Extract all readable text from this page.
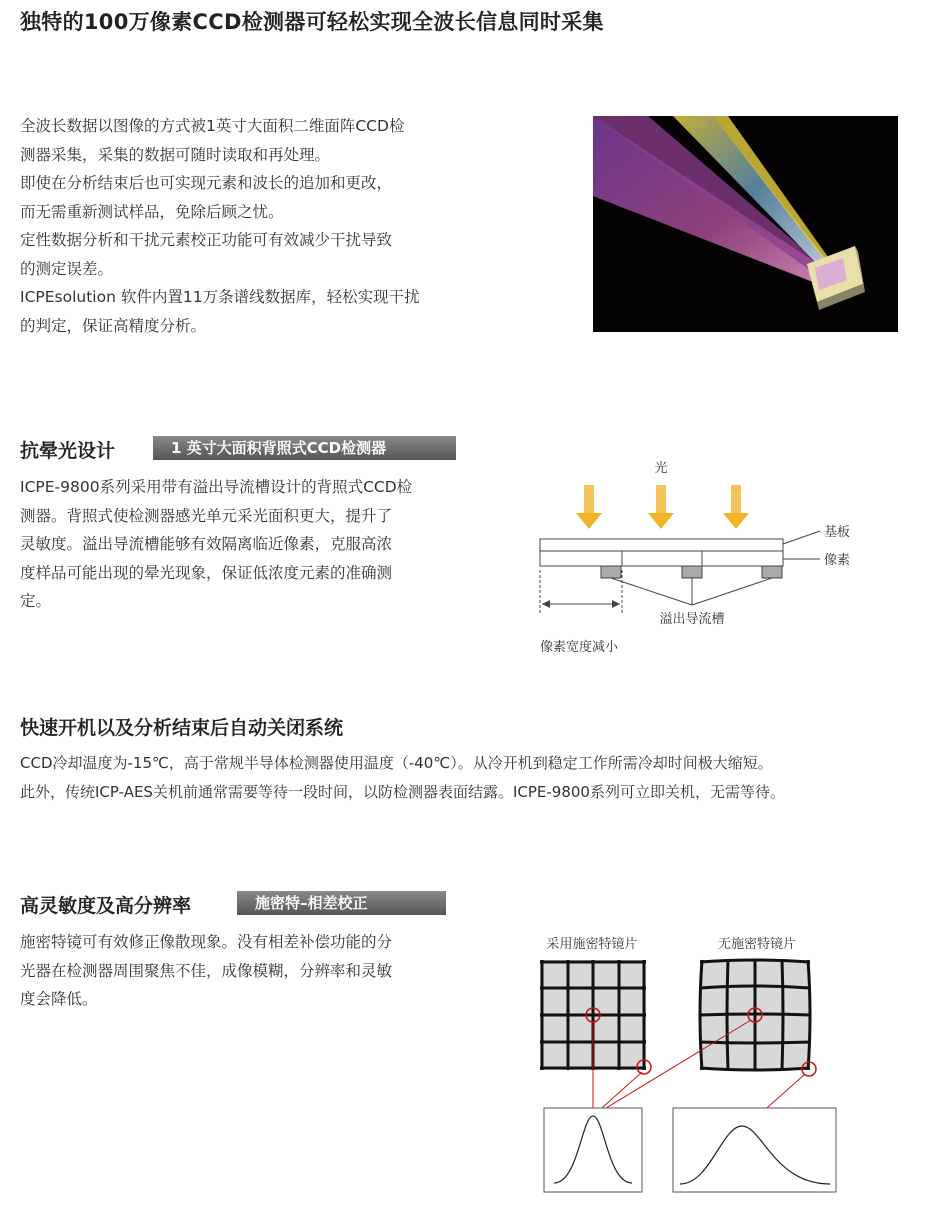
独特的100万像素CCD检测器可轻松实现全波长信息同时采集

全波长数据以图像的方式被1英寸大面积二维面阵CCD检

测器采集，采集的数据可随时读取和再处理。

即使在分析结束后也可实现元素和波长的追加和更改，

而无需重新测试样品，免除后顾之忧。

定性数据分析和干扰元素校正功能可有效减少干扰导致

的测定误差。

ICPEsolution 软件内置11万条谱线数据库，轻松实现干扰

的判定，保证高精度分析。

抗晕光设计	1 英寸大面积背照式CCD检测器

ICPE-9800系列采用带有溢出导流槽设计的背照式CCD检

测器。背照式使检测器感光单元采光面积更大，提升了

灵敏度。溢出导流槽能够有效隔离临近像素，克服高浓

度样品可能出现的晕光现象，保证低浓度元素的准确测

定。

光
基板
像素
溢出导流槽
像素宽度减小
快速开机以及分析结束后自动关闭系统

CCD冷却温度为-15℃，高于常规半导体检测器使用温度（-40℃）。从冷开机到稳定工作所需冷却时间极大缩短。

此外，传统ICP-AES关机前通常需要等待一段时间，以防检测器表面结露。ICPE-9800系列可立即关机，无需等待。

高灵敏度及高分辨率	施密特–相差校正

施密特镜可有效修正像散现象。没有相差补偿功能的分

光器在检测器周围聚焦不佳，成像模糊，分辨率和灵敏

度会降低。

采用施密特镜片	无施密特镜片
